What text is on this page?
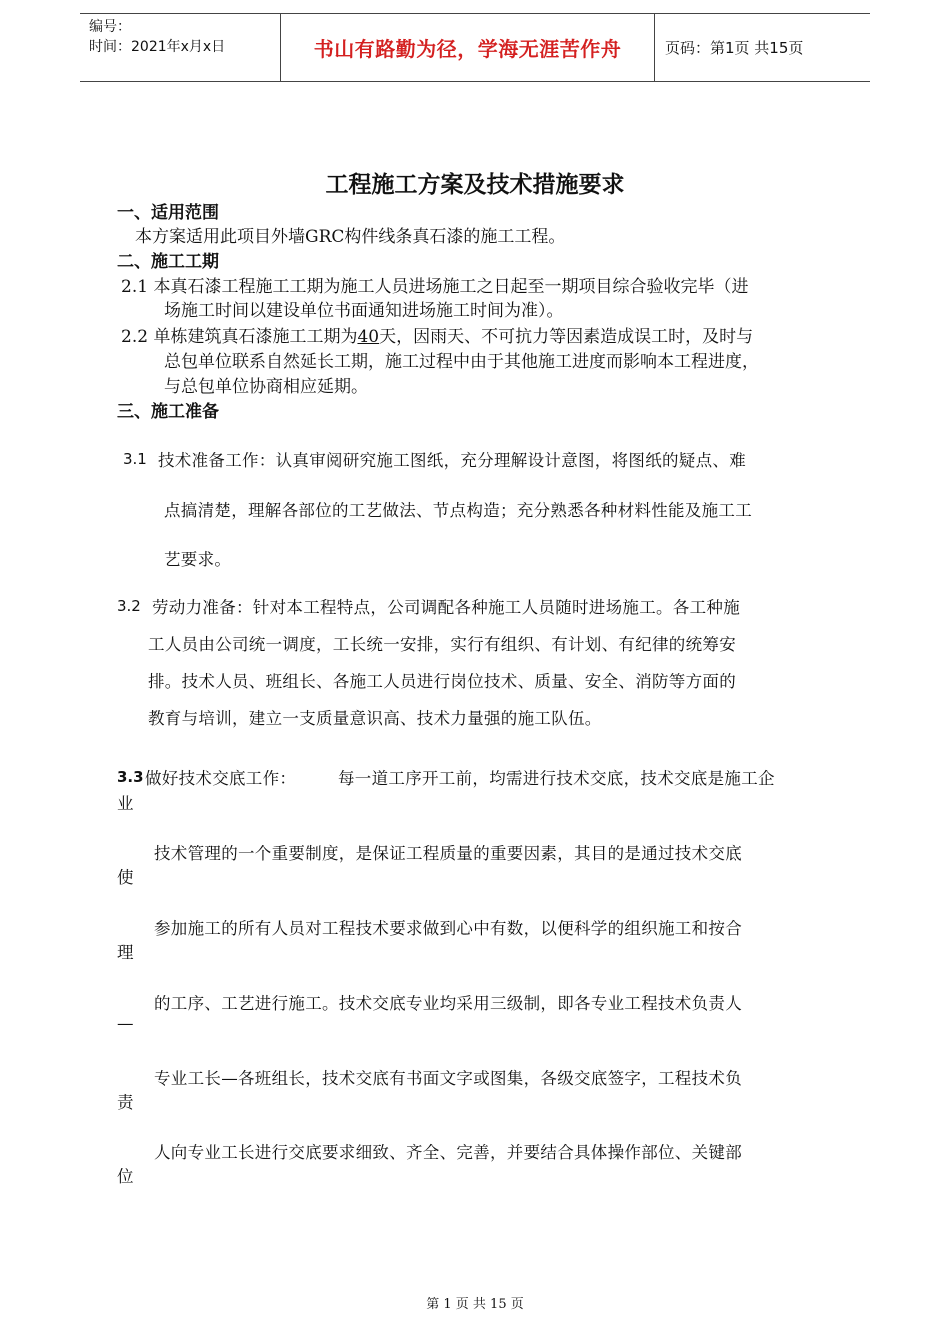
编号：
时间：2021年x月x日	书山有路勤为径，学海无涯苦作舟	页码：第1页 共15页
工程施工方案及技术措施要求
一、适用范围
本方案适用此项目外墙GRC构件线条真石漆的施工工程。
二、施工工期
2.1 本真石漆工程施工工期为施工人员进场施工之日起至一期项目综合验收完毕（进
场施工时间以建设单位书面通知进场施工时间为准）。
2.2 单栋建筑真石漆施工工期为40天，因雨天、不可抗力等因素造成误工时，及时与
总包单位联系自然延长工期，施工过程中由于其他施工进度而影响本工程进度，
与总包单位协商相应延期。
三、施工准备
3.1 技术准备工作：认真审阅研究施工图纸，充分理解设计意图，将图纸的疑点、难
点搞清楚，理解各部位的工艺做法、节点构造；充分熟悉各种材料性能及施工工
艺要求。
3.2 劳动力准备：针对本工程特点，公司调配各种施工人员随时进场施工。各工种施
工人员由公司统一调度，工长统一安排，实行有组织、有计划、有纪律的统筹安
排。技术人员、班组长、各施工人员进行岗位技术、质量、安全、消防等方面的
教育与培训，建立一支质量意识高、技术力量强的施工队伍。
3.3 做好技术交底工作：	每一道工序开工前，均需进行技术交底，技术交底是施工企
业
技术管理的一个重要制度，是保证工程质量的重要因素，其目的是通过技术交底
使
参加施工的所有人员对工程技术要求做到心中有数，以便科学的组织施工和按合
理
的工序、工艺进行施工。技术交底专业均采用三级制，即各专业工程技术负责人
—
专业工长—各班组长，技术交底有书面文字或图集，各级交底签字，工程技术负
责
人向专业工长进行交底要求细致、齐全、完善，并要结合具体操作部位、关键部
位
第 1 页 共 15 页
